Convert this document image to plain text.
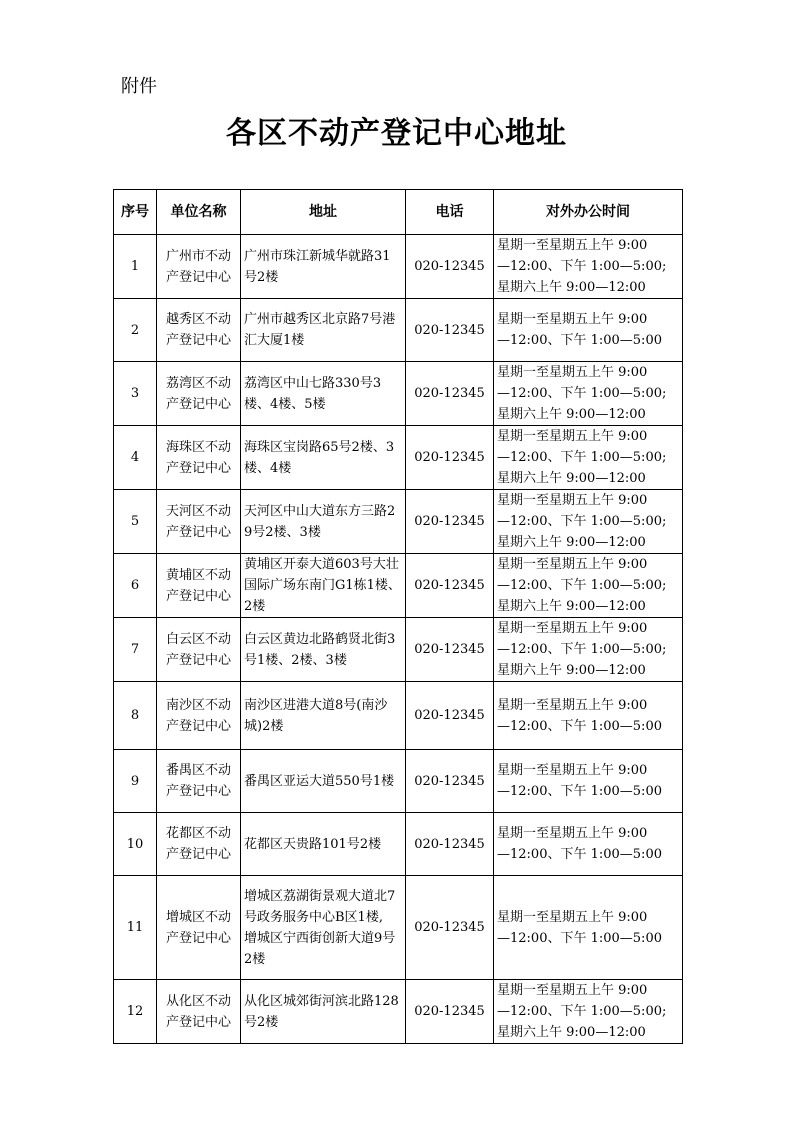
附件
各区不动产登记中心地址
序号	单位名称	地址	电话	对外办公时间
1	广州市不动产登记中心	广州市珠江新城华就路31号2楼	020-12345	星期一至星期五上午 9:00
—12:00、下午 1:00—5:00;
星期六上午 9:00—12:00
2	越秀区不动产登记中心	广州市越秀区北京路7号港汇大厦1楼	020-12345	星期一至星期五上午 9:00
—12:00、下午 1:00—5:00
3	荔湾区不动产登记中心	荔湾区中山七路330号3楼、4楼、5楼	020-12345	星期一至星期五上午 9:00
—12:00、下午 1:00—5:00;
星期六上午 9:00—12:00
4	海珠区不动产登记中心	海珠区宝岗路65号2楼、3楼、4楼	020-12345	星期一至星期五上午 9:00
—12:00、下午 1:00—5:00;
星期六上午 9:00—12:00
5	天河区不动产登记中心	天河区中山大道东方三路29号2楼、3楼	020-12345	星期一至星期五上午 9:00
—12:00、下午 1:00—5:00;
星期六上午 9:00—12:00
6	黄埔区不动产登记中心	黄埔区开泰大道603号大壮国际广场东南门G1栋1楼、2楼	020-12345	星期一至星期五上午 9:00
—12:00、下午 1:00—5:00;
星期六上午 9:00—12:00
7	白云区不动产登记中心	白云区黄边北路鹤贤北街3号1楼、2楼、3楼	020-12345	星期一至星期五上午 9:00
—12:00、下午 1:00—5:00;
星期六上午 9:00—12:00
8	南沙区不动产登记中心	南沙区进港大道8号(南沙城)2楼	020-12345	星期一至星期五上午 9:00
—12:00、下午 1:00—5:00
9	番禺区不动产登记中心	番禺区亚运大道550号1楼	020-12345	星期一至星期五上午 9:00
—12:00、下午 1:00—5:00
10	花都区不动产登记中心	花都区天贵路101号2楼	020-12345	星期一至星期五上午 9:00
—12:00、下午 1:00—5:00
11	增城区不动产登记中心	增城区荔湖街景观大道北7号政务服务中心B区1楼,
增城区宁西街创新大道9号2楼	020-12345	星期一至星期五上午 9:00
—12:00、下午 1:00—5:00
12	从化区不动产登记中心	从化区城郊街河滨北路128号2楼	020-12345	星期一至星期五上午 9:00
—12:00、下午 1:00—5:00;
星期六上午 9:00—12:00
